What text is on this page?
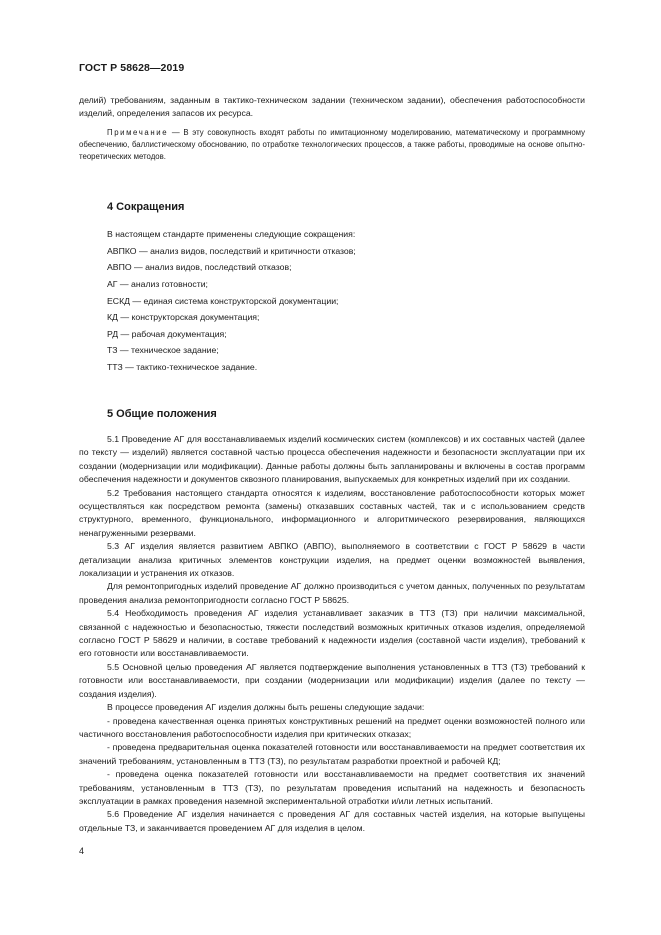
ГОСТ Р 58628—2019

делий) требованиям, заданным в тактико-техническом задании (техническом задании), обеспечения работоспособности изделий, определения запасов их ресурса.

Примечание — В эту совокупность входят работы по имитационному моделированию, математическому и программному обеспечению, баллистическому обоснованию, по отработке технологических процессов, а также работы, проводимые на основе опытно-теоретических методов.

4 Сокращения

В настоящем стандарте применены следующие сокращения:

АВПКО — анализ видов, последствий и критичности отказов;

АВПО — анализ видов, последствий отказов;

АГ — анализ готовности;

ЕСКД — единая система конструкторской документации;

КД — конструкторская документация;

РД — рабочая документация;

ТЗ — техническое задание;

ТТЗ — тактико-техническое задание.

5 Общие положения

5.1 Проведение АГ для восстанавливаемых изделий космических систем (комплексов) и их составных частей (далее по тексту — изделий) является составной частью процесса обеспечения надежности и безопасности эксплуатации при их создании (модернизации или модификации). Данные работы должны быть запланированы и включены в состав программ обеспечения надежности и документов сквозного планирования, выпускаемых для конкретных изделий при их создании.

5.2 Требования настоящего стандарта относятся к изделиям, восстановление работоспособности которых может осуществляться как посредством ремонта (замены) отказавших составных частей, так и с использованием средств структурного, временного, функционального, информационного и алгоритмического резервирования, являющихся ненагруженными резервами.

5.3 АГ изделия является развитием АВПКО (АВПО), выполняемого в соответствии с ГОСТ Р 58629 в части детализации анализа критичных элементов конструкции изделия, на предмет оценки возможностей выявления, локализации и устранения их отказов.

Для ремонтопригодных изделий проведение АГ должно производиться с учетом данных, полученных по результатам проведения анализа ремонтопригодности согласно ГОСТ Р 58625.

5.4 Необходимость проведения АГ изделия устанавливает заказчик в ТТЗ (ТЗ) при наличии максимальной, связанной с надежностью и безопасностью, тяжести последствий возможных критичных отказов изделия, определяемой согласно ГОСТ Р 58629 и наличии, в составе требований к надежности изделия (составной части изделия), требований к его готовности или восстанавливаемости.

5.5 Основной целью проведения АГ является подтверждение выполнения установленных в ТТЗ (ТЗ) требований к готовности или восстанавливаемости, при создании (модернизации или модификации) изделия (далее по тексту — создания изделия).

В процессе проведения АГ изделия должны быть решены следующие задачи:

- проведена качественная оценка принятых конструктивных решений на предмет оценки возможностей полного или частичного восстановления работоспособности изделия при критических отказах;

- проведена предварительная оценка показателей готовности или восстанавливаемости на предмет соответствия их значений требованиям, установленным в ТТЗ (ТЗ), по результатам разработки проектной и рабочей КД;

- проведена оценка показателей готовности или восстанавливаемости на предмет соответствия их значений требованиям, установленным в ТТЗ (ТЗ), по результатам проведения испытаний на надежность и безопасность эксплуатации в рамках проведения наземной экспериментальной отработки и/или летных испытаний.

5.6 Проведение АГ изделия начинается с проведения АГ для составных частей изделия, на которые выпущены отдельные ТЗ, и заканчивается проведением АГ для изделия в целом.

4
